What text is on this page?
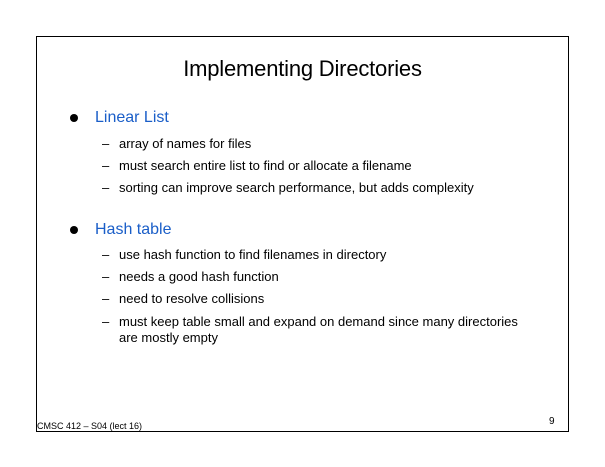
Implementing Directories
Linear List
– array of names for files
– must search entire list to find or allocate a filename
– sorting can improve search performance, but adds complexity
Hash table
– use hash function to find filenames in directory
– needs a good hash function
– need to resolve collisions
– must keep table small and expand on demand since many directories are mostly empty
CMSC 412 – S04 (lect 16)	9
